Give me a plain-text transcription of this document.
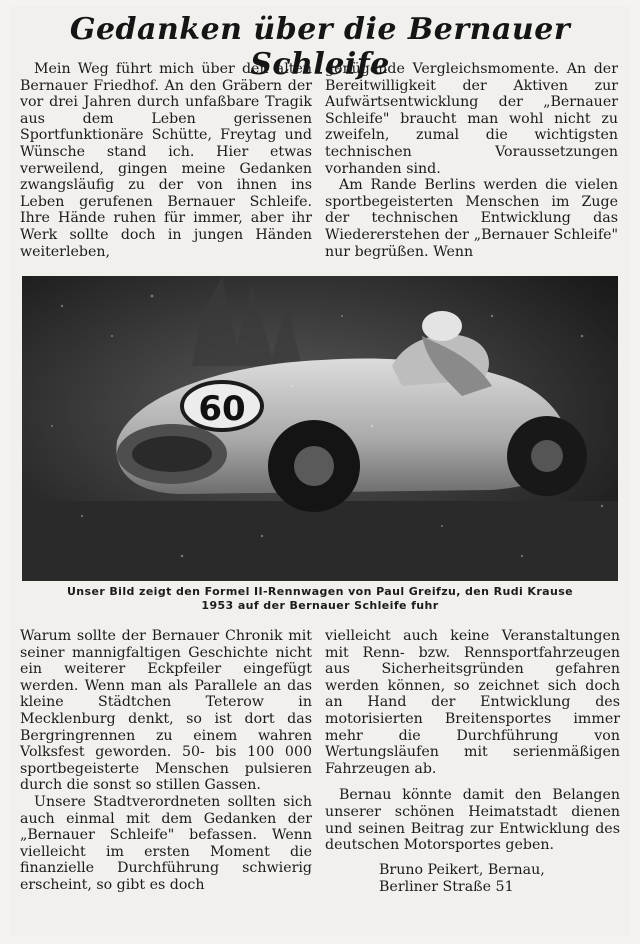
Gedanken über die Bernauer Schleife

Mein Weg führt mich über den alten Bernauer Friedhof. An den Gräbern der vor drei Jahren durch unfaßbare Tragik aus dem Leben gerissenen Sportfunktionäre Schütte, Freytag und Wünsche stand ich. Hier etwas verweilend, gingen meine Gedanken zwangsläufig zu der von ihnen ins Leben gerufenen Bernauer Schleife. Ihre Hände ruhen für immer, aber ihr Werk sollte doch in jungen Händen weiterleben,

genügende Vergleichsmomente. An der Bereitwilligkeit der Aktiven zur Aufwärtsentwicklung der „Bernauer Schleife" braucht man wohl nicht zu zweifeln, zumal die wichtigsten technischen Voraussetzungen vorhanden sind.

Am Rande Berlins werden die vielen sportbegeisterten Menschen im Zuge der technischen Entwicklung das Wiedererstehen der „Bernauer Schleife" nur begrüßen. Wenn

60
Unser Bild zeigt den Formel II-Rennwagen von Paul Greifzu, den Rudi Krause
1953 auf der Bernauer Schleife fuhr

Warum sollte der Bernauer Chronik mit seiner mannigfaltigen Geschichte nicht ein weiterer Eckpfeiler eingefügt werden. Wenn man als Parallele an das kleine Städtchen Teterow in Mecklenburg denkt, so ist dort das Bergringrennen zu einem wahren Volksfest geworden. 50- bis 100 000 sportbegeisterte Menschen pulsieren durch die sonst so stillen Gassen.

Unsere Stadtverordneten sollten sich auch einmal mit dem Gedanken der „Bernauer Schleife" befassen. Wenn vielleicht im ersten Moment die finanzielle Durchführung schwierig erscheint, so gibt es doch

vielleicht auch keine Veranstaltungen mit Renn- bzw. Rennsportfahrzeugen aus Sicherheitsgründen gefahren werden können, so zeichnet sich doch an Hand der Entwicklung des motorisierten Breitensportes immer mehr die Durchführung von Wertungsläufen mit serienmäßigen Fahrzeugen ab.

Bernau könnte damit den Belangen unserer schönen Heimatstadt dienen und seinen Beitrag zur Entwicklung des deutschen Motorsportes geben.

Bruno Peikert, Bernau,
Berliner Straße 51
